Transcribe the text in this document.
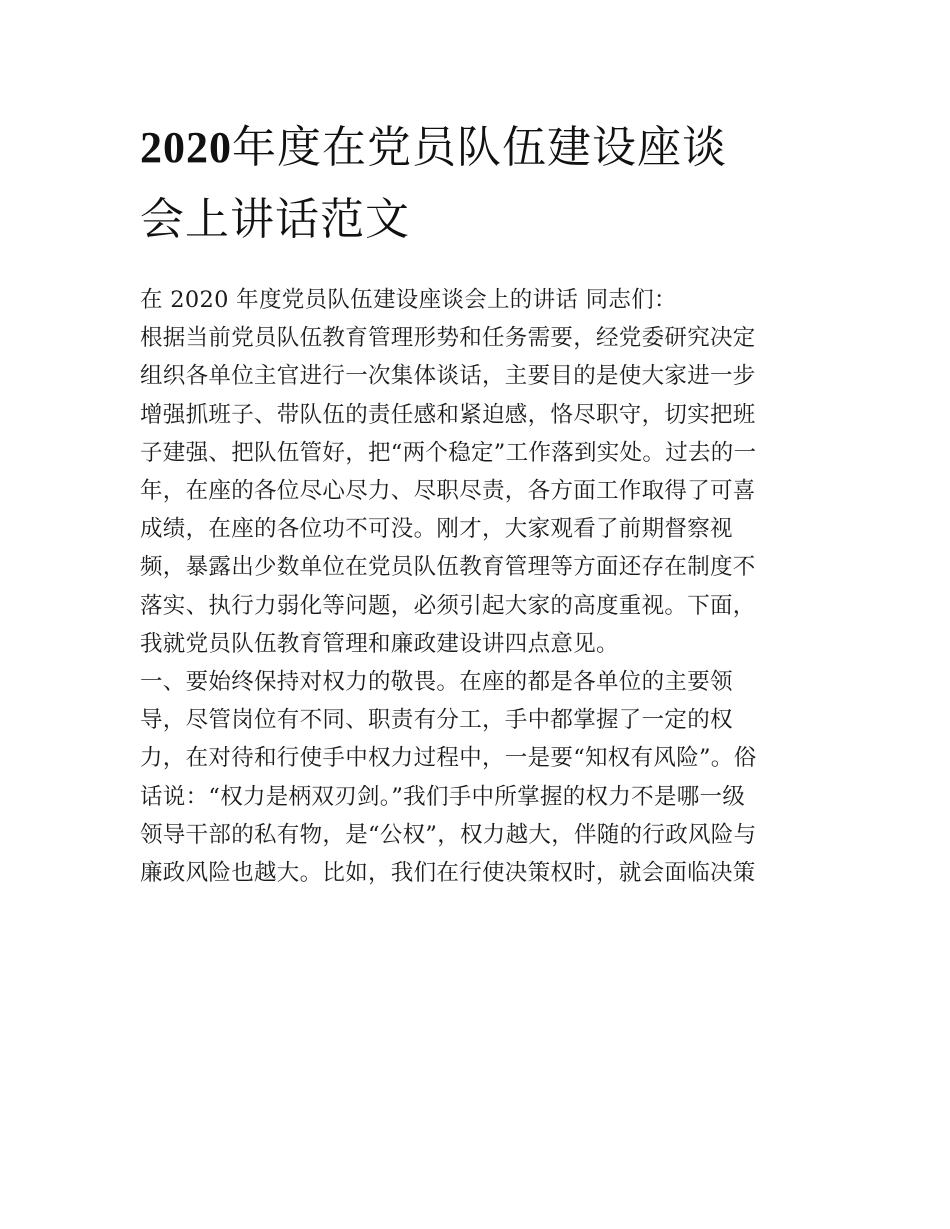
2020年度在党员队伍建设座谈
会上讲话范文
在 2020 年度党员队伍建设座谈会上的讲话 同志们：
根据当前党员队伍教育管理形势和任务需要，经党委研究决定
组织各单位主官进行一次集体谈话，主要目的是使大家进一步
增强抓班子、带队伍的责任感和紧迫感，恪尽职守，切实把班
子建强、把队伍管好，把“两个稳定”工作落到实处。过去的一
年，在座的各位尽心尽力、尽职尽责，各方面工作取得了可喜
成绩，在座的各位功不可没。刚才，大家观看了前期督察视
频，暴露出少数单位在党员队伍教育管理等方面还存在制度不
落实、执行力弱化等问题，必须引起大家的高度重视。下面，
我就党员队伍教育管理和廉政建设讲四点意见。
一、要始终保持对权力的敬畏。在座的都是各单位的主要领
导，尽管岗位有不同、职责有分工，手中都掌握了一定的权
力，在对待和行使手中权力过程中，一是要“知权有风险”。俗
话说：“权力是柄双刃剑。”我们手中所掌握的权力不是哪一级
领导干部的私有物，是“公权”，权力越大，伴随的行政风险与
廉政风险也越大。比如，我们在行使决策权时，就会面临决策
